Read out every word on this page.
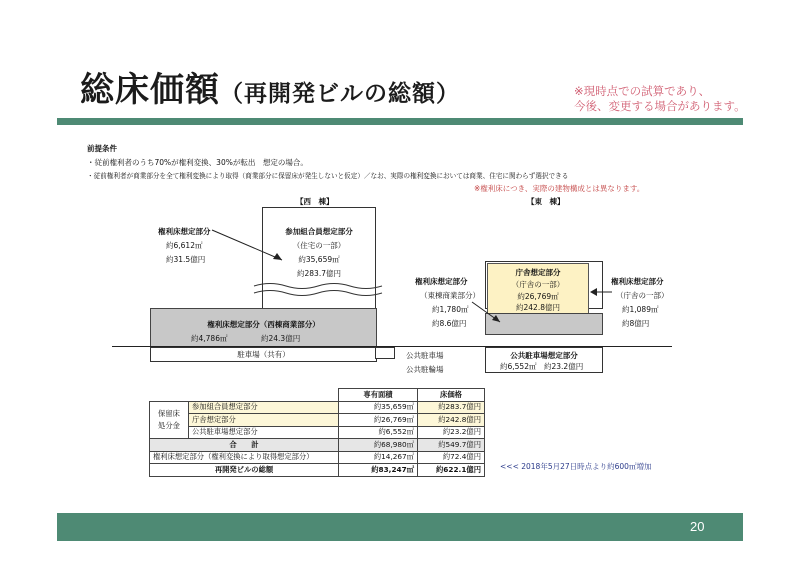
総床価額（再開発ビルの総額）	※現時点での試算であり、
今後、変更する場合があります。
前提条件
・従前権利者のうち70%が権利変換、30%が転出　想定の場合。
・従前権利者が商業部分を全て権利変換により取得（商業部分に保留床が発生しないと仮定）／なお、実際の権利変換においては商業、住宅に関わらず選択できる
※権利床につき、実際の建物構成とは異なります。
【西　棟】	【東　棟】
参加組合員想定部分
（住宅の一部）
約35,659㎡
約283.7億円
権利床想定部分
約6,612㎡
約31.5億円
権利床想定部分（西棟商業部分）
約4,786㎡	約24.3億円
駐車場（共有）	公共駐車場
公共駐輪場
庁舎想定部分
（庁舎の一部）
約26,769㎡
約242.8億円
公共駐車場想定部分
約6,552㎡ 約23.2億円
権利床想定部分
（東棟商業部分）
約1,780㎡
約8.6億円
権利床想定部分
（庁舎の一部）
約1,089㎡
約8億円
		専有面積	床価格
保留床
処分金	参加組合員想定部分	約35,659㎡	約283.7億円
	庁舎想定部分	約26,769㎡	約242.8億円
	公共駐車場想定部分	約6,552㎡	約23.2億円
合　　計		約68,980㎡	約549.7億円
権利床想定部分（権利変換により取得想定部分）		約14,267㎡	約72.4億円
再開発ビルの総額		約83,247㎡	約622.1億円	<<< 2018年5月27日時点より約600㎡増加
20
